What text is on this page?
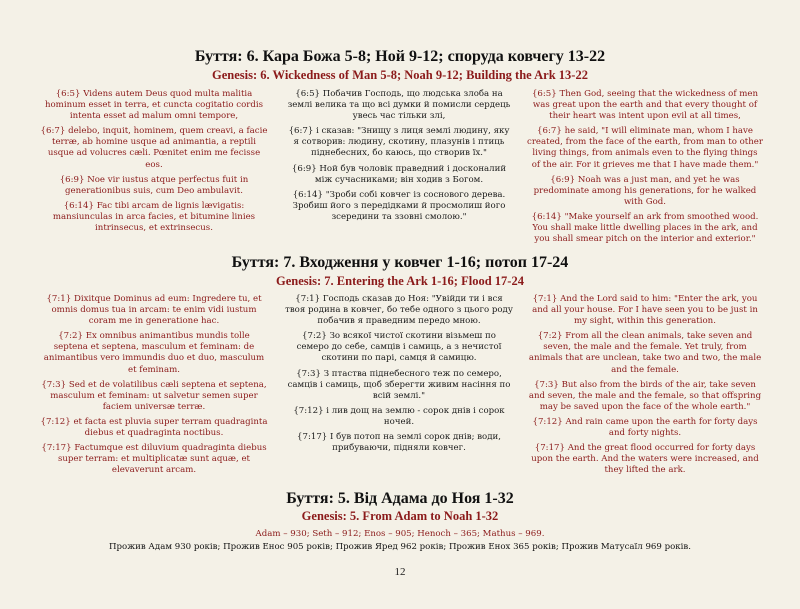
Буття: 6. Кара Божа 5-8; Ной 9-12; споруда ковчегу 13-22
Genesis: 6. Wickedness of Man 5-8; Noah 9-12; Building the Ark 13-22
{6:5} Videns autem Deus quod multa malitia hominum esset in terra, et cuncta cogitatio cordis intenta esset ad malum omni tempore,
{6:7} delebo, inquit, hominem, quem creavi, a facie terræ, ab homine usque ad animantia, a reptili usque ad volucres cæli. Pœnitet enim me fecisse eos.
{6:9} Noe vir iustus atque perfectus fuit in generationibus suis, cum Deo ambulavit.
{6:14} Fac tibi arcam de lignis lævigatis: mansiunculas in arca facies, et bitumine linies intrinsecus, et extrinsecus.
{6:5} Побачив Господь, що людська злоба на землі велика та що всі думки й помисли сердець увесь час тільки злі,
{6:7} і сказав: "Знищу з лиця землі людину, яку я сотворив: людину, скотину, плазунів і птиць піднебесних, бо каюсь, що створив їх."
{6:9} Ной був чоловік праведний і досконалий між сучасниками; він ходив з Богом.
{6:14} "Зроби собі ковчег із соснового дерева. Зробиш його з передідками й просмолиш його зсередини та ззовні смолою."
{6:5} Then God, seeing that the wickedness of men was great upon the earth and that every thought of their heart was intent upon evil at all times,
{6:7} he said, "I will eliminate man, whom I have created, from the face of the earth, from man to other living things, from animals even to the flying things of the air. For it grieves me that I have made them."
{6:9} Noah was a just man, and yet he was predominate among his generations, for he walked with God.
{6:14} "Make yourself an ark from smoothed wood. You shall make little dwelling places in the ark, and you shall smear pitch on the interior and exterior."
Буття: 7. Входження у ковчег 1-16; потоп 17-24
Genesis: 7. Entering the Ark 1-16; Flood 17-24
{7:1} Dixitque Dominus ad eum: Ingredere tu, et omnis domus tua in arcam: te enim vidi iustum coram me in generatione hac.
{7:2} Ex omnibus animantibus mundis tolle septena et septena, masculum et feminam: de animantibus vero immundis duo et duo, masculum et feminam.
{7:3} Sed et de volatilibus cæli septena et septena, masculum et feminam: ut salvetur semen super faciem universæ terræ.
{7:12} et facta est pluvia super terram quadraginta diebus et quadraginta noctibus.
{7:17} Factumque est diluvium quadraginta diebus super terram: et multiplicatæ sunt aquæ, et elevaverunt arcam.
{7:1} Господь сказав до Ноя: "Увійди ти і вся твоя родина в ковчег, бо тебе одного з цього роду побачив я праведним передо мною.
{7:2} Зо всякої чистої скотини візьмеш по семеро до себе, самців і самиць, а з нечистої скотини по парі, самця й самицю.
{7:3} З птаства піднебесного теж по семеро, самців і самиць, щоб зберегти живим насіння по всій землі."
{7:12} і лив дощ на землю - сорок днів і сорок ночей.
{7:17} І був потоп на землі сорок днів; води, прибуваючи, підняли ковчег.
{7:1} And the Lord said to him: "Enter the ark, you and all your house. For I have seen you to be just in my sight, within this generation.
{7:2} From all the clean animals, take seven and seven, the male and the female. Yet truly, from animals that are unclean, take two and two, the male and the female.
{7:3} But also from the birds of the air, take seven and seven, the male and the female, so that offspring may be saved upon the face of the whole earth."
{7:12} And rain came upon the earth for forty days and forty nights.
{7:17} And the great flood occurred for forty days upon the earth. And the waters were increased, and they lifted the ark.
Буття: 5. Від Адама до Ноя 1-32
Genesis: 5. From Adam to Noah 1-32
Adam – 930; Seth – 912; Enos – 905; Henoch – 365; Mathus – 969.
Прожив Адам 930 років; Прожив Енос 905 років; Прожив Яред 962 років; Прожив Енох 365 років; Прожив Матусаїл 969 років.
12
